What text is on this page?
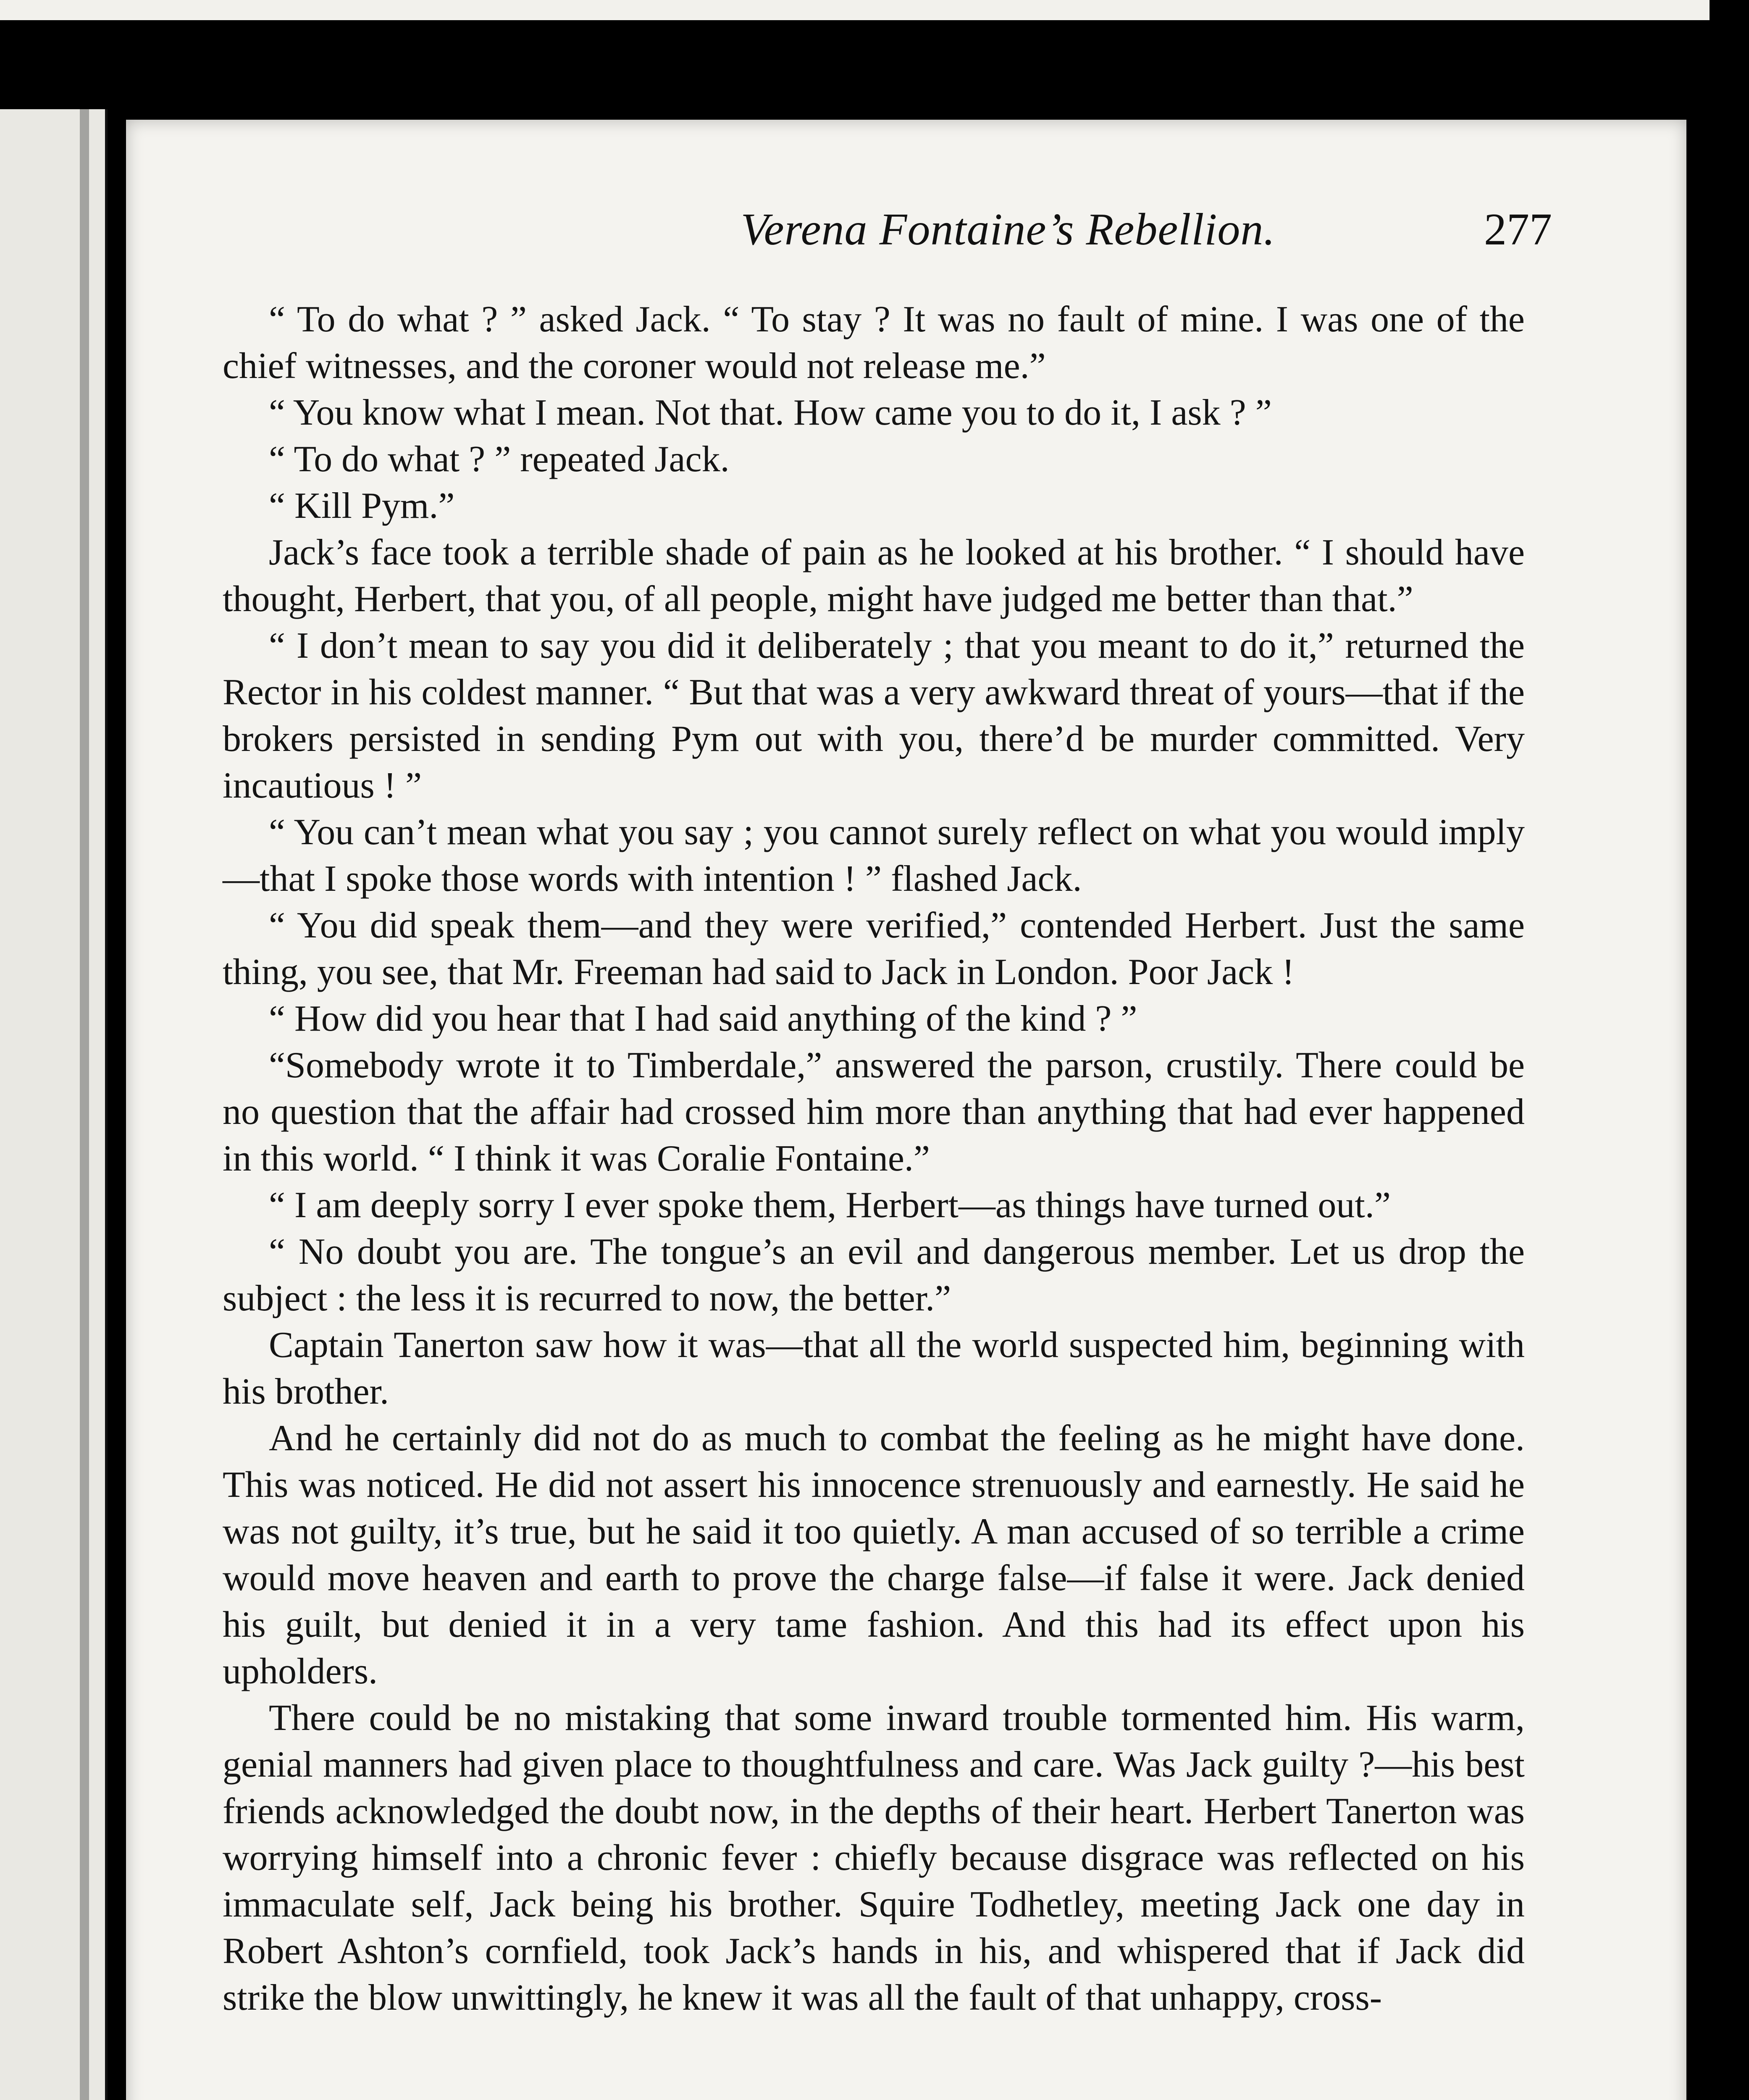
Verena Fontaine’s Rebellion.	277

“ To do what ? ” asked Jack. “ To stay ? It was no fault of mine. I was one of the chief witnesses, and the coroner would not release me.”

“ You know what I mean. Not that. How came you to do it, I ask ? ”

“ To do what ? ” repeated Jack.

“ Kill Pym.”

Jack’s face took a terrible shade of pain as he looked at his brother. “ I should have thought, Herbert, that you, of all people, might have judged me better than that.”

“ I don’t mean to say you did it deliberately ; that you meant to do it,” returned the Rector in his coldest manner. “ But that was a very awkward threat of yours—that if the brokers persisted in sending Pym out with you, there’d be murder committed. Very incautious ! ”

“ You can’t mean what you say ; you cannot surely reflect on what you would imply—that I spoke those words with intention ! ” flashed Jack.

“ You did speak them—and they were verified,” contended Herbert. Just the same thing, you see, that Mr. Freeman had said to Jack in London. Poor Jack !

“ How did you hear that I had said anything of the kind ? ”

“Somebody wrote it to Timberdale,” answered the parson, crustily. There could be no question that the affair had crossed him more than anything that had ever happened in this world. “ I think it was Coralie Fontaine.”

“ I am deeply sorry I ever spoke them, Herbert—as things have turned out.”

“ No doubt you are. The tongue’s an evil and dangerous member. Let us drop the subject : the less it is recurred to now, the better.”

Captain Tanerton saw how it was—that all the world suspected him, beginning with his brother.

And he certainly did not do as much to combat the feeling as he might have done. This was noticed. He did not assert his innocence strenuously and earnestly. He said he was not guilty, it’s true, but he said it too quietly. A man accused of so terrible a crime would move heaven and earth to prove the charge false—if false it were. Jack denied his guilt, but denied it in a very tame fashion. And this had its effect upon his upholders.

There could be no mistaking that some inward trouble tormented him. His warm, genial manners had given place to thoughtfulness and care. Was Jack guilty ?—his best friends acknowledged the doubt now, in the depths of their heart. Herbert Tanerton was worrying himself into a chronic fever : chiefly because disgrace was reflected on his immaculate self, Jack being his brother. Squire Todhetley, meeting Jack one day in Robert Ashton’s cornfield, took Jack’s hands in his, and whispered that if Jack did strike the blow unwittingly, he knew it was all the fault of that unhappy, cross-
